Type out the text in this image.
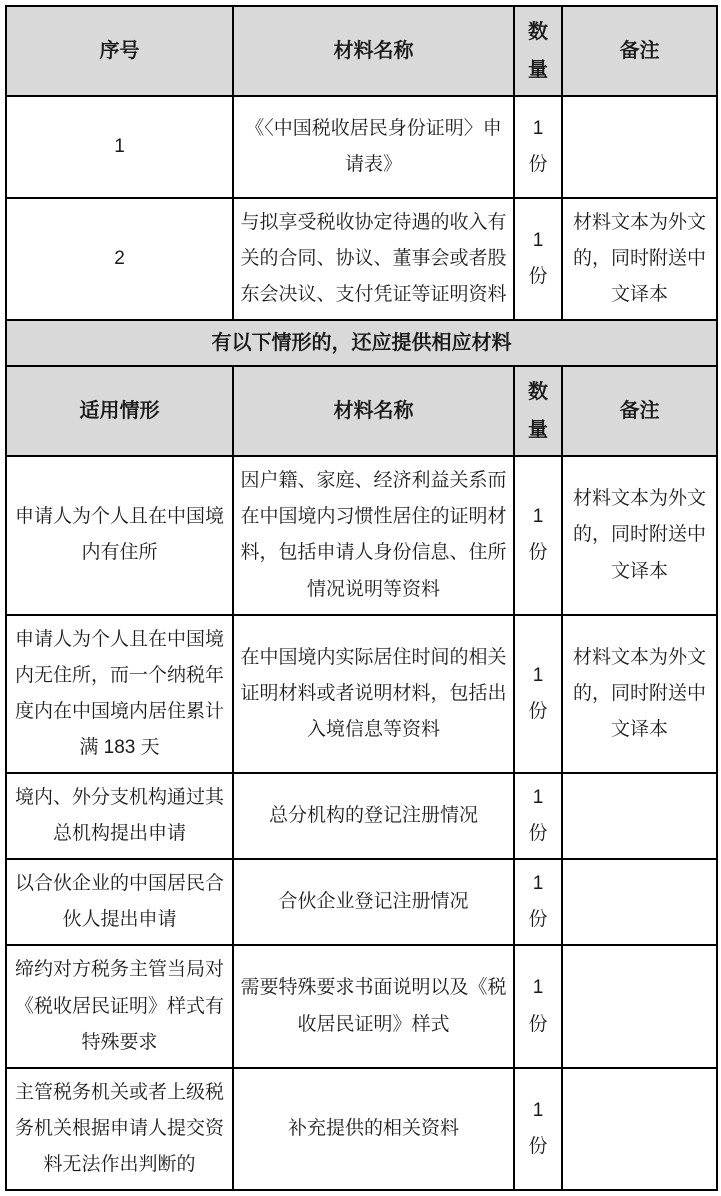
序号	材料名称	数量	备注
1	《〈中国税收居民身份证明〉申请表》	1 份	
2	与拟享受税收协定待遇的收入有关的合同、协议、董事会或者股东会决议、支付凭证等证明资料	1 份	材料文本为外文的，同时附送中文译本
有以下情形的，还应提供相应材料			
适用情形	材料名称	数量	备注
申请人为个人且在中国境内有住所	因户籍、家庭、经济利益关系而在中国境内习惯性居住的证明材料，包括申请人身份信息、住所情况说明等资料	1 份	材料文本为外文的，同时附送中文译本
申请人为个人且在中国境内无住所，而一个纳税年度内在中国境内居住累计满 183 天	在中国境内实际居住时间的相关证明材料或者说明材料，包括出入境信息等资料	1 份	材料文本为外文的，同时附送中文译本
境内、外分支机构通过其总机构提出申请	总分机构的登记注册情况	1 份	
以合伙企业的中国居民合伙人提出申请	合伙企业登记注册情况	1 份	
缔约对方税务主管当局对《税收居民证明》样式有特殊要求	需要特殊要求书面说明以及《税收居民证明》样式	1 份	
主管税务机关或者上级税务机关根据申请人提交资料无法作出判断的	补充提供的相关资料	1 份	
